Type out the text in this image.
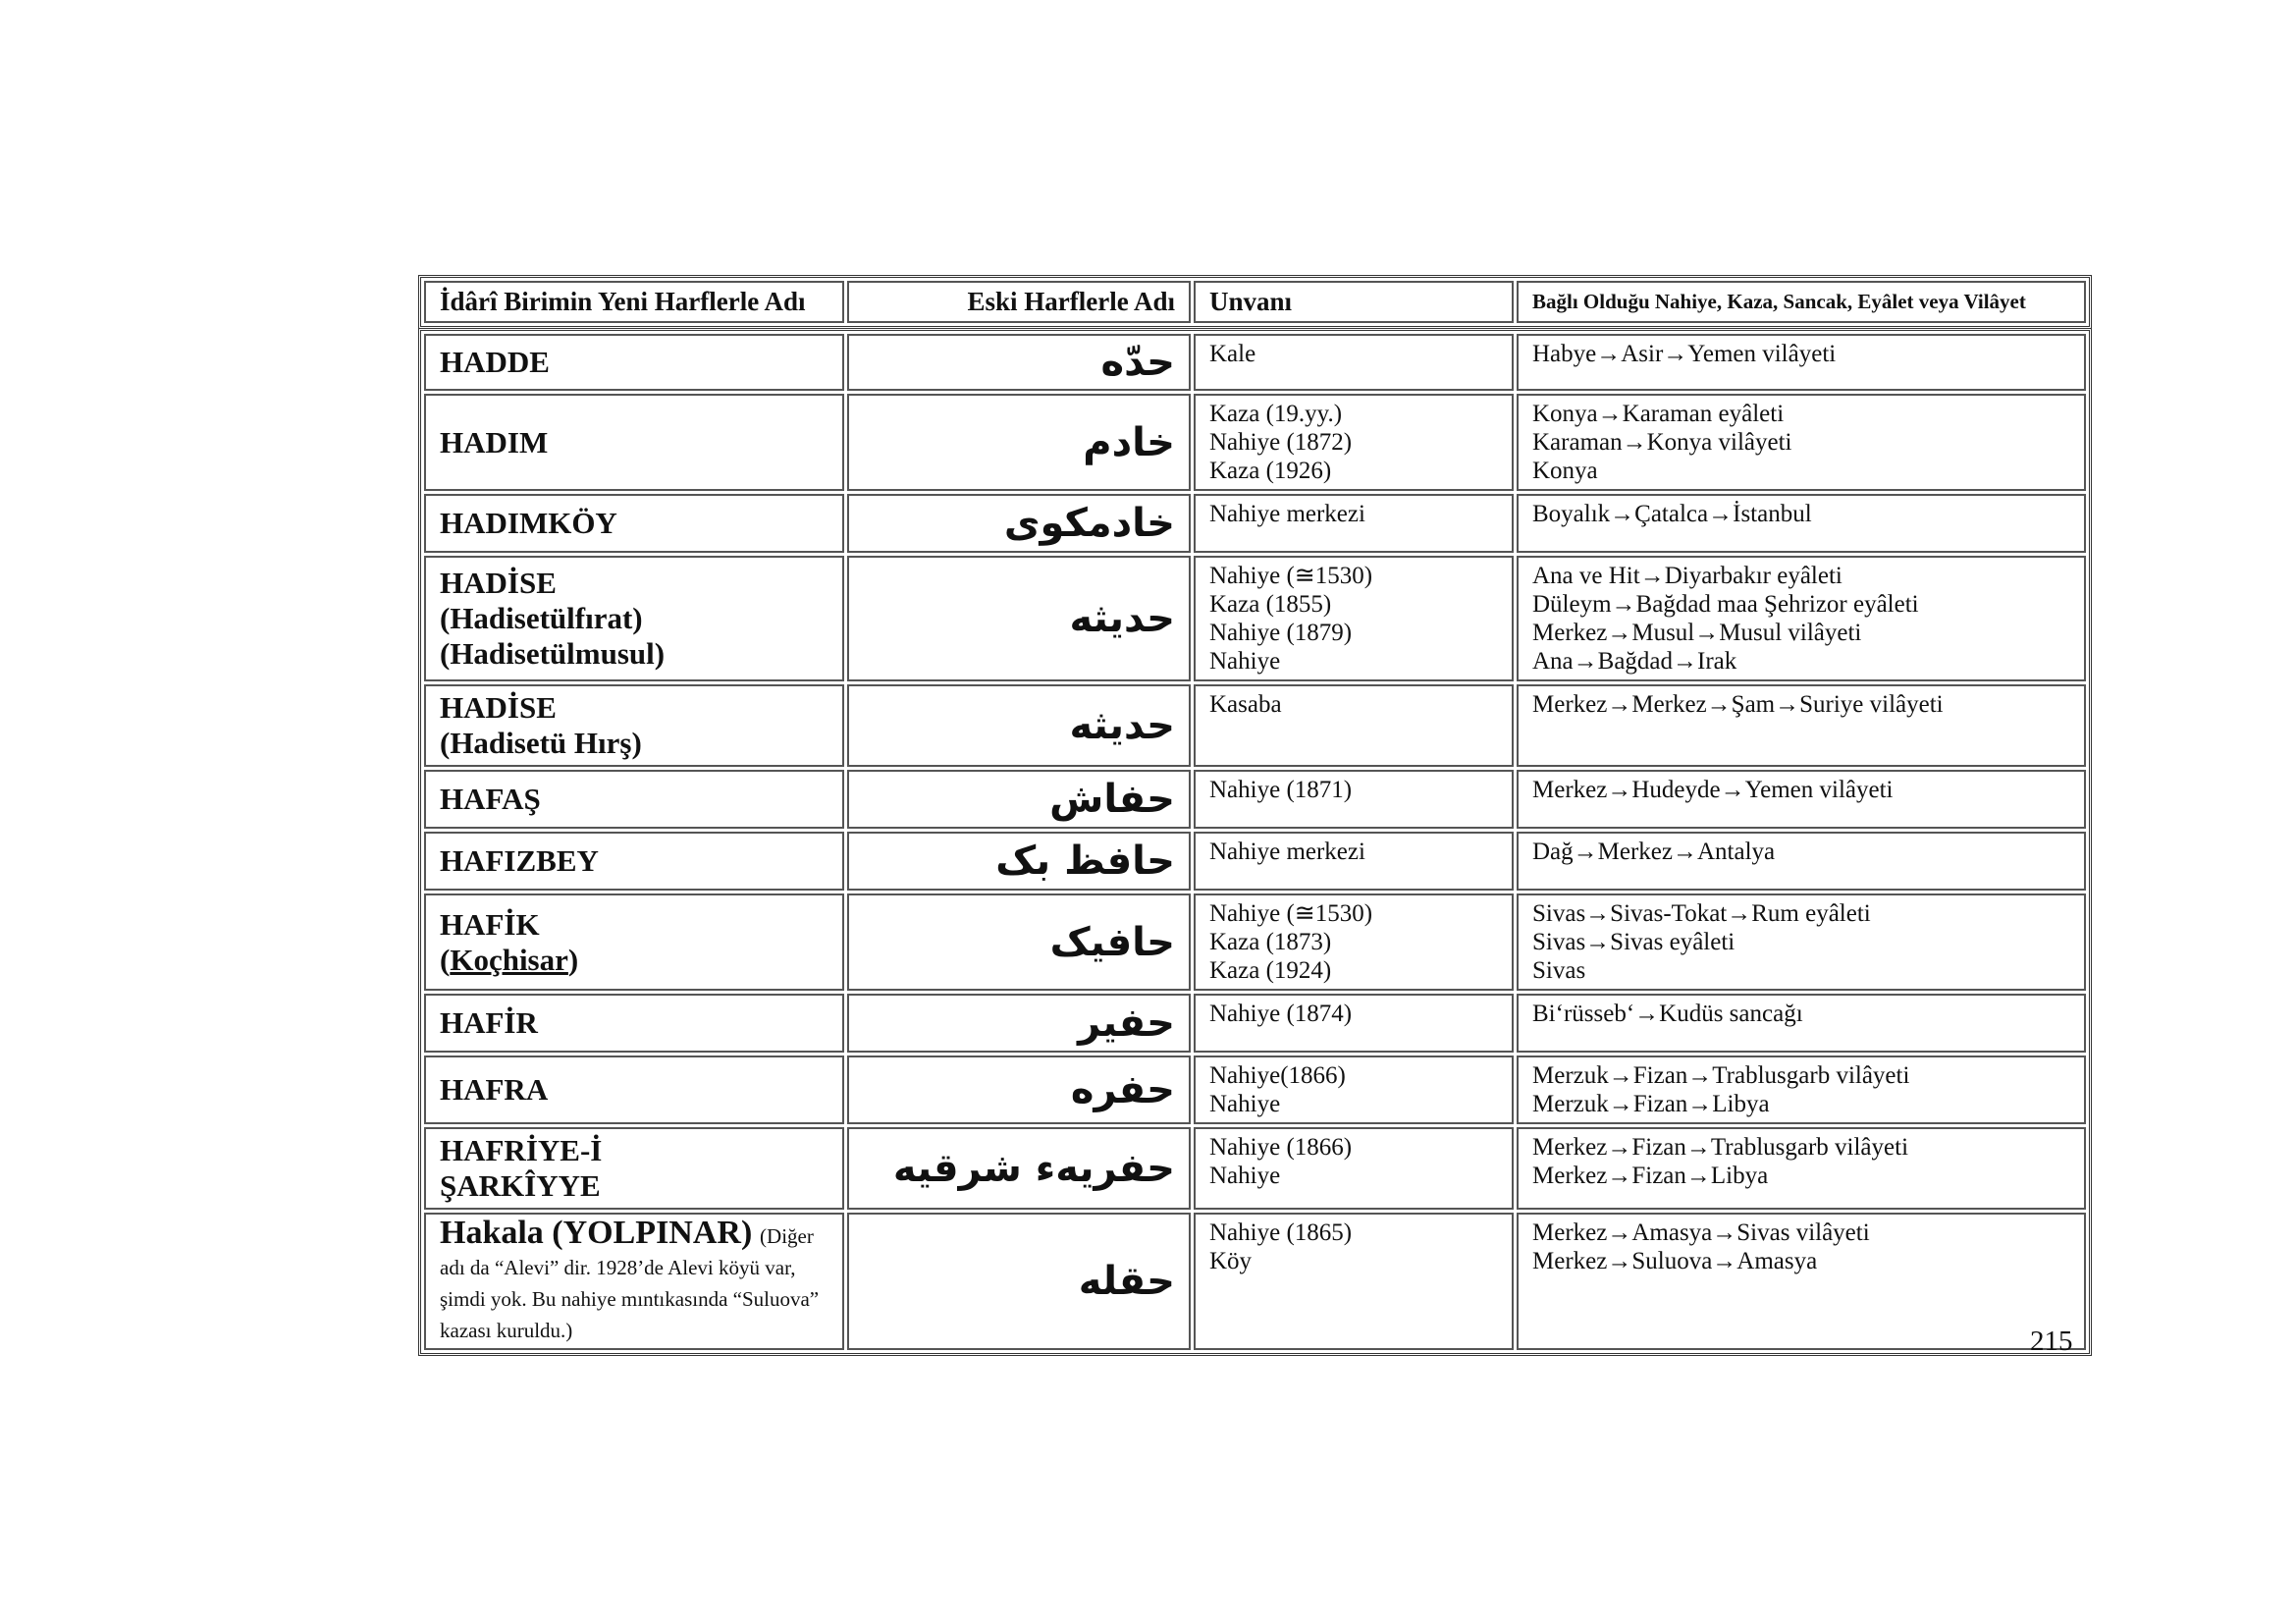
İdârî Birimin Yeni Harflerle Adı	Eski Harflerle Adı	Unvanı	Bağlı Olduğu Nahiye, Kaza, Sancak, Eyâlet veya Vilâyet
HADDE	حدّه	Kale	Habye→Asir→Yemen vilâyeti

HADIM	خادم	Kaza (19.yy.)
Nahiye (1872)
Kaza (1926)	Konya→Karaman eyâleti
Karaman→Konya vilâyeti
Konya

HADIMKÖY	خادمكوى	Nahiye merkezi	Boyalık→Çatalca→İstanbul

HADİSE
(Hadisetülfırat)
(Hadisetülmusul)	حديثه	Nahiye (≅1530)
Kaza (1855)
Nahiye (1879)
Nahiye	Ana ve Hit→Diyarbakır eyâleti
Düleym→Bağdad maa Şehrizor eyâleti
Merkez→Musul→Musul vilâyeti
Ana→Bağdad→Irak

HADİSE
(Hadisetü Hırş)	حديثه	Kasaba	Merkez→Merkez→Şam→Suriye vilâyeti

HAFAŞ	حفاش	Nahiye (1871)	Merkez→Hudeyde→Yemen vilâyeti

HAFIZBEY	حافظ بک	Nahiye merkezi	Dağ→Merkez→Antalya

HAFİK
(Koçhisar)	حافيک	Nahiye (≅1530)
Kaza (1873)
Kaza (1924)	Sivas→Sivas-Tokat→Rum eyâleti
Sivas→Sivas eyâleti
Sivas

HAFİR	حفير	Nahiye (1874)	Bi‘rüsseb‘→Kudüs sancağı

HAFRA	حفره	Nahiye(1866)
Nahiye	Merzuk→Fizan→Trablusgarb vilâyeti
Merzuk→Fizan→Libya

HAFRİYE-İ
ŞARKÎYYE	حفريهء شرقيه	Nahiye (1866)
Nahiye	Merkez→Fizan→Trablusgarb vilâyeti
Merkez→Fizan→Libya

Hakala (YOLPINAR) (Diğer adı da “Alevi” dir. 1928’de Alevi köyü var, şimdi yok. Bu nahiye mıntıkasında “Suluova” kazası kuruldu.)	حقله	Nahiye (1865)
Köy	Merkez→Amasya→Sivas vilâyeti
Merkez→Suluova→Amasya
215
